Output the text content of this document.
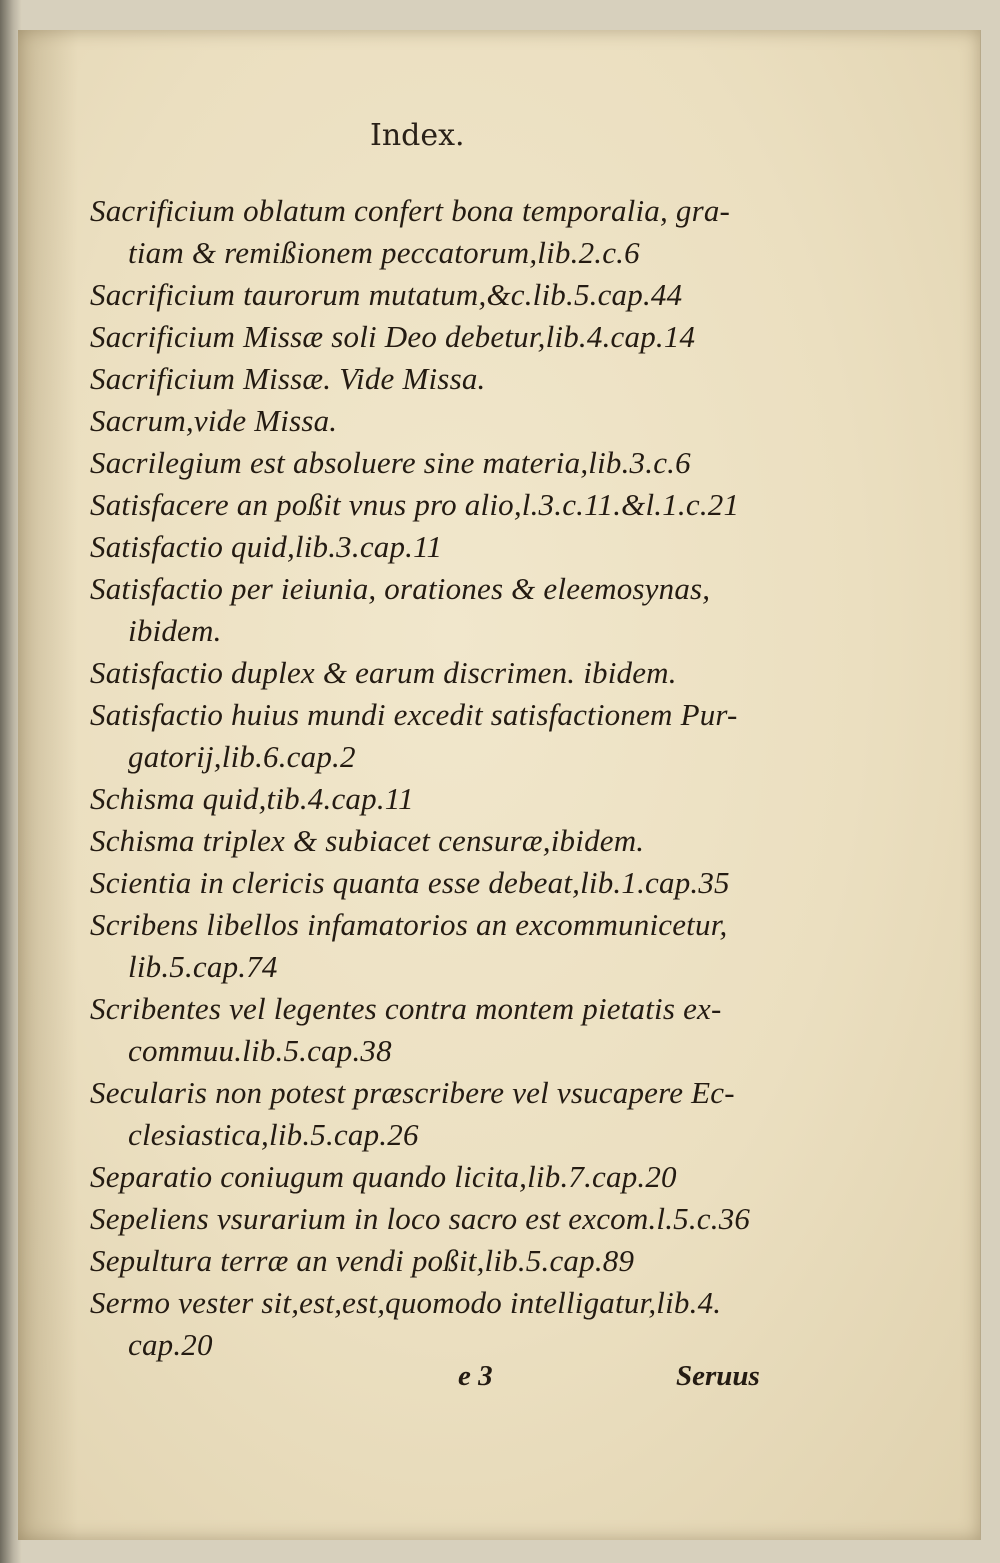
Index.
Sacrificium oblatum confert bona temporalia, gra-
tiam & remißionem peccatorum,lib.2.c.6
Sacrificium taurorum mutatum,&c.lib.5.cap.44
Sacrificium Missæ soli Deo debetur,lib.4.cap.14
Sacrificium Missæ. Vide Missa.
Sacrum,vide Missa.
Sacrilegium est absoluere sine materia,lib.3.c.6
Satisfacere an poßit vnus pro alio,l.3.c.11.&l.1.c.21
Satisfactio quid,lib.3.cap.11
Satisfactio per ieiunia, orationes & eleemosynas,
ibidem.
Satisfactio duplex & earum discrimen. ibidem.
Satisfactio huius mundi excedit satisfactionem Pur-
gatorij,lib.6.cap.2
Schisma quid,tib.4.cap.11
Schisma triplex & subiacet censuræ,ibidem.
Scientia in clericis quanta esse debeat,lib.1.cap.35
Scribens libellos infamatorios an excommunicetur,
lib.5.cap.74
Scribentes vel legentes contra montem pietatis ex-
commuu.lib.5.cap.38
Secularis non potest præscribere vel vsucapere Ec-
clesiastica,lib.5.cap.26
Separatio coniugum quando licita,lib.7.cap.20
Sepeliens vsurarium in loco sacro est excom.l.5.c.36
Sepultura terræ an vendi poßit,lib.5.cap.89
Sermo vester sit,est,est,quomodo intelligatur,lib.4.
cap.20
e 3	Seruus
